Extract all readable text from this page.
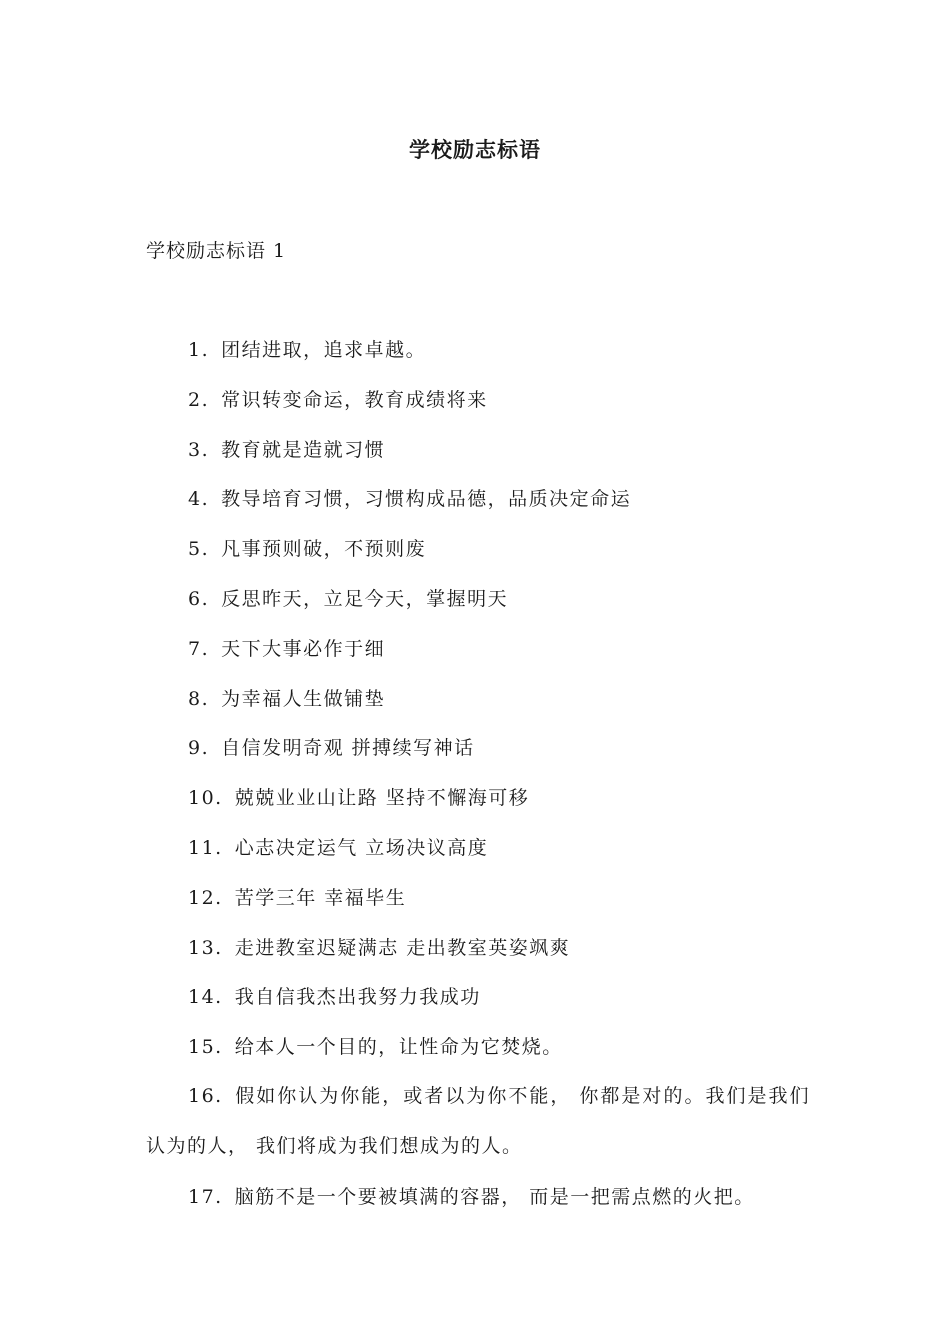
学校励志标语
学校励志标语 1
1. 团结进取，追求卓越。
2. 常识转变命运，教育成绩将来
3. 教育就是造就习惯
4. 教导培育习惯，习惯构成品德，品质决定命运
5. 凡事预则破，不预则废
6. 反思昨天，立足今天，掌握明天
7. 天下大事必作于细
8. 为幸福人生做铺垫
9. 自信发明奇观 拼搏续写神话
10. 兢兢业业山让路 坚持不懈海可移
11. 心志决定运气 立场决议高度
12. 苦学三年 幸福毕生
13. 走进教室迟疑满志 走出教室英姿飒爽
14. 我自信我杰出我努力我成功
15. 给本人一个目的，让性命为它焚烧。
16. 假如你认为你能，或者以为你不能， 你都是对的。我们是我们认为的人， 我们将成为我们想成为的人。
17. 脑筋不是一个要被填满的容器， 而是一把需点燃的火把。
